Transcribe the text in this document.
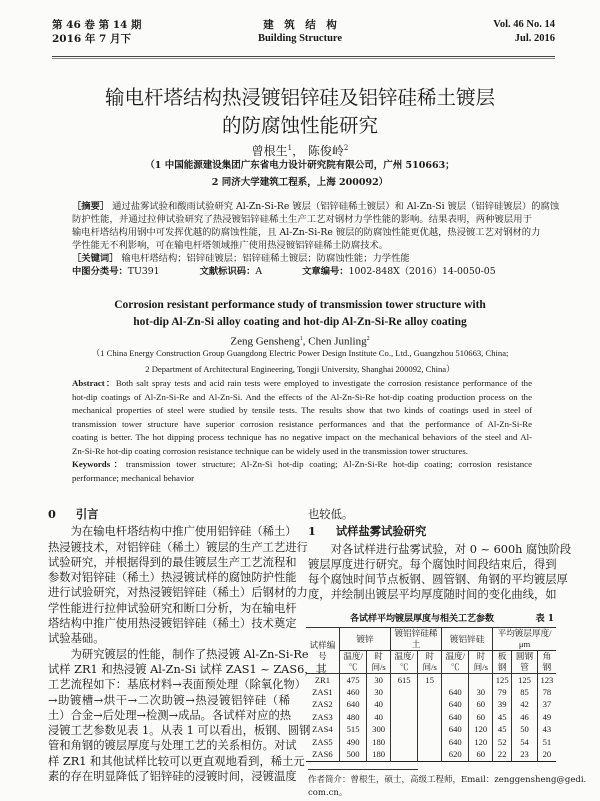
第 46 卷 第 14 期
2016 年 7 月下
建　筑　结　构
Building Structure
Vol. 46 No. 14
Jul. 2016
输电杆塔结构热浸镀铝锌硅及铝锌硅稀土镀层
的防腐蚀性能研究
曾根生$^1$， 陈俊岭$^2$
（1 中国能源建设集团广东省电力设计研究院有限公司，广州 510663；
2 同济大学建筑工程系，上海 200092）
［摘要］ 通过盐雾试验和酸雨试验研究 Al-Zn-Si-Re 镀层（铝锌硅稀土镀层）和 Al-Zn-Si 镀层（铝锌硅镀层）的腐蚀
防护性能，并通过拉伸试验研究了热浸镀铝锌硅稀土生产工艺对钢材力学性能的影响。结果表明，两种镀层用于
输电杆塔结构用钢中可发挥优越的防腐蚀性能，且 Al-Zn-Si-Re 镀层的防腐蚀性能更优越，热浸镀工艺对钢材的力
学性能无不利影响，可在输电杆塔领域推广使用热浸镀铝锌硅稀土防腐技术。
［关键词］ 输电杆塔结构；铝锌硅镀层；铝锌硅稀土镀层；防腐蚀性能；力学性能
中图分类号：TU391	文献标识码：A	文章编号：1002-848X（2016）14-0050-05
Corrosion resistant performance study of transmission tower structure with
hot-dip Al-Zn-Si alloy coating and hot-dip Al-Zn-Si-Re alloy coating
Zeng Gensheng$^1$, Chen Junling$^2$
（1 China Energy Construction Group Guangdong Electric Power Design Institute Co., Ltd., Guangzhou 510663, China;
2 Department of Architectural Engineering, Tongji University, Shanghai 200092, China）
Abstract：Both salt spray tests and acid rain tests were employed to investigate the corrosion resistance performance of the
hot-dip coatings of Al-Zn-Si-Re and Al-Zn-Si. And the effects of the Al-Zn-Si-Re hot-dip coating production process on the
mechanical properties of steel were studied by tensile tests. The results show that two kinds of coatings used in steel of
transmission tower structure have superior corrosion resistance performances and that the performance of Al-Zn-Si-Re
coating is better. The hot dipping process technique has no negative impact on the mechanical behaviors of the steel and Al-
Zn-Si-Re hot-dip coating corrosion resistance technique can be widely used in the transmission tower structures.
Keywords：transmission tower structure; Al-Zn-Si hot-dip coating; Al-Zn-Si-Re hot-dip coating; corrosion resistance
performance; mechanical behavior
0 引言
　　为在输电杆塔结构中推广使用铝锌硅（稀土）
热浸镀技术，对铝锌硅（稀土）镀层的生产工艺进行
试验研究，并根据得到的最佳镀层生产工艺流程和
参数对铝锌硅（稀土）热浸镀试样的腐蚀防护性能
进行试验研究，对热浸镀铝锌硅（稀土）后钢材的力
学性能进行拉伸试验研究和断口分析，为在输电杆
塔结构中推广使用热浸镀铝锌硅（稀土）技术奠定
试验基础。
　　为研究镀层的性能，制作了热浸镀 Al-Zn-Si-Re
试样 ZR1 和热浸镀 Al-Zn-Si 试样 ZAS1 ~ ZAS6，其
工艺流程如下：基底材料→表面预处理（除氧化物）
→助镀槽→烘干→二次助镀→热浸镀铝锌硅（稀
土）合金→后处理→检测→成品。各试样对应的热
浸镀工艺参数见表 1。从表 1 可以看出，板钢、圆钢
管和角钢的镀层厚度与处理工艺的关系相仿。对试
样 ZR1 和其他试样比较可以更直观地看到，稀土元
素的存在明显降低了铝锌硅的浸镀时间，浸镀温度
也较低。
1 试样盐雾试验研究
　　对各试样进行盐雾试验，对 0 ~ 600h 腐蚀阶段
镀层厚度进行研究。每个腐蚀时间段结束后，得到
每个腐蚀时间节点板钢、圆管钢、角钢的平均镀层厚
度，并绘制出镀层平均厚度随时间的变化曲线，如
各试样平均镀层厚度与相关工艺参数	表 1
试样编号	镀锌		镀铝锌硅稀土		镀铝锌硅		平均镀层厚度/μm		
	温度/℃	时间/s	温度/℃	时间/s	温度/℃	时间/s	板钢	圆钢管	角钢
ZR1	475	30	615	15			125	125	123
ZAS1	460	30			640	30	79	85	78
ZAS2	640	40			640	60	39	42	37
ZAS3	480	40			640	60	45	46	49
ZAS4	515	300			640	120	45	50	43
ZAS5	490	180			640	120	52	54	51
ZAS6	500	180			620	60	22	23	20
作者简介：曾根生，硕士，高级工程师，Email：zenggensheng@gedi.
com.cn。
